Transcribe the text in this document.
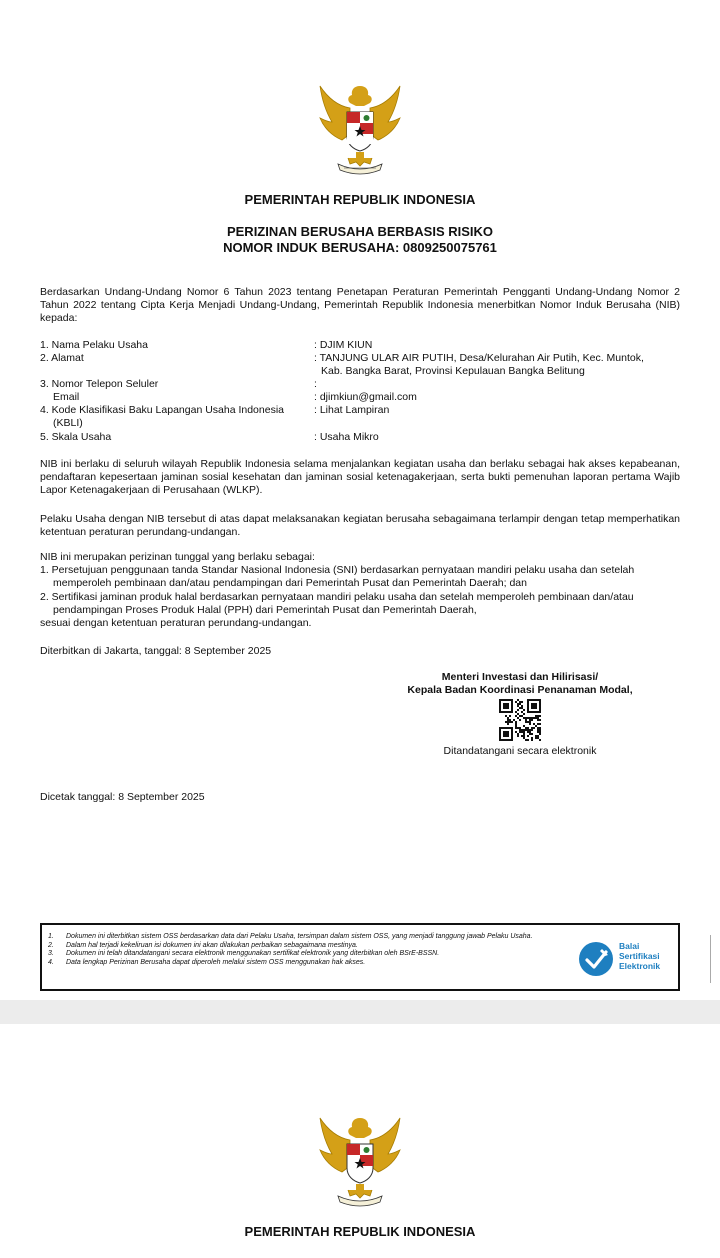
PEMERINTAH REPUBLIK INDONESIA
PERIZINAN BERUSAHA BERBASIS RISIKO
NOMOR INDUK BERUSAHA: 0809250075761
Berdasarkan Undang-Undang Nomor 6 Tahun 2023 tentang Penetapan Peraturan Pemerintah Pengganti Undang-Undang Nomor 2 Tahun 2022 tentang Cipta Kerja Menjadi Undang-Undang, Pemerintah Republik Indonesia menerbitkan Nomor Induk Berusaha (NIB) kepada:
1. Nama Pelaku Usaha	: DJIM KIUN
2. Alamat	: TANJUNG ULAR AIR PUTIH, Desa/Kelurahan Air Putih, Kec. Muntok,
Kab. Bangka Barat, Provinsi Kepulauan Bangka Belitung
3. Nomor Telepon Seluler	:
Email	: djimkiun@gmail.com
4. Kode Klasifikasi Baku Lapangan Usaha Indonesia	: Lihat Lampiran
(KBLI)
5. Skala Usaha	: Usaha Mikro
NIB ini berlaku di seluruh wilayah Republik Indonesia selama menjalankan kegiatan usaha dan berlaku sebagai hak akses kepabeanan, pendaftaran kepesertaan jaminan sosial kesehatan dan jaminan sosial ketenagakerjaan, serta bukti pemenuhan laporan pertama Wajib Lapor Ketenagakerjaan di Perusahaan (WLKP).
Pelaku Usaha dengan NIB tersebut di atas dapat melaksanakan kegiatan berusaha sebagaimana terlampir dengan tetap memperhatikan ketentuan peraturan perundang-undangan.
NIB ini merupakan perizinan tunggal yang berlaku sebagai:
1. Persetujuan penggunaan tanda Standar Nasional Indonesia (SNI) berdasarkan pernyataan mandiri pelaku usaha dan setelah
memperoleh pembinaan dan/atau pendampingan dari Pemerintah Pusat dan Pemerintah Daerah; dan
2. Sertifikasi jaminan produk halal berdasarkan pernyataan mandiri pelaku usaha dan setelah memperoleh pembinaan dan/atau
pendampingan Proses Produk Halal (PPH) dari Pemerintah Pusat dan Pemerintah Daerah,
sesuai dengan ketentuan peraturan perundang-undangan.
Diterbitkan di Jakarta, tanggal: 8 September 2025
Menteri Investasi dan Hilirisasi/
Kepala Badan Koordinasi Penanaman Modal,
Ditandatangani secara elektronik
Dicetak tanggal: 8 September 2025
1. Dokumen ini diterbitkan sistem OSS berdasarkan data dari Pelaku Usaha, tersimpan dalam sistem OSS, yang menjadi tanggung jawab Pelaku Usaha.
2. Dalam hal terjadi kekeliruan isi dokumen ini akan dilakukan perbaikan sebagaimana mestinya.
3. Dokumen ini telah ditandatangani secara elektronik menggunakan sertifikat elektronik yang diterbitkan oleh BSrE-BSSN.
4. Data lengkap Perizinan Berusaha dapat diperoleh melalui sistem OSS menggunakan hak akses.
Balai
Sertifikasi
Elektronik
PEMERINTAH REPUBLIK INDONESIA
